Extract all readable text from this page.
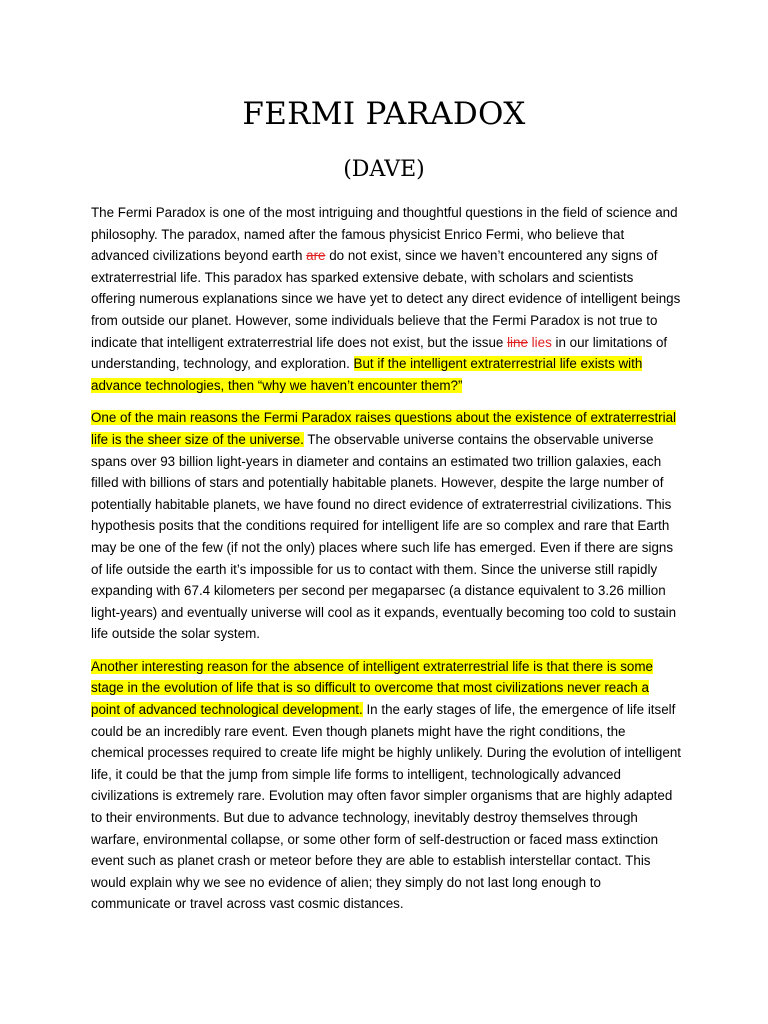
FERMI PARADOX
(DAVE)

The Fermi Paradox is one of the most intriguing and thoughtful questions in the field of science and philosophy. The paradox, named after the famous physicist Enrico Fermi, who believe that advanced civilizations beyond earth are do not exist, since we haven’t encountered any signs of extraterrestrial life. This paradox has sparked extensive debate, with scholars and scientists offering numerous explanations since we have yet to detect any direct evidence of intelligent beings from outside our planet. However, some individuals believe that the Fermi Paradox is not true to indicate that intelligent extraterrestrial life does not exist, but the issue line lies in our limitations of understanding, technology, and exploration. But if the intelligent extraterrestrial life exists with advance technologies, then “why we haven’t encounter them?”

One of the main reasons the Fermi Paradox raises questions about the existence of extraterrestrial life is the sheer size of the universe. The observable universe contains the observable universe spans over 93 billion light-years in diameter and contains an estimated two trillion galaxies, each filled with billions of stars and potentially habitable planets. However, despite the large number of potentially habitable planets, we have found no direct evidence of extraterrestrial civilizations. This hypothesis posits that the conditions required for intelligent life are so complex and rare that Earth may be one of the few (if not the only) places where such life has emerged. Even if there are signs of life outside the earth it’s impossible for us to contact with them. Since the universe still rapidly expanding with 67.4 kilometers per second per megaparsec (a distance equivalent to 3.26 million light-years) and eventually universe will cool as it expands, eventually becoming too cold to sustain life outside the solar system.

Another interesting reason for the absence of intelligent extraterrestrial life is that there is some stage in the evolution of life that is so difficult to overcome that most civilizations never reach a point of advanced technological development. In the early stages of life, the emergence of life itself could be an incredibly rare event. Even though planets might have the right conditions, the chemical processes required to create life might be highly unlikely. During the evolution of intelligent life, it could be that the jump from simple life forms to intelligent, technologically advanced civilizations is extremely rare. Evolution may often favor simpler organisms that are highly adapted to their environments. But due to advance technology, inevitably destroy themselves through warfare, environmental collapse, or some other form of self-destruction or faced mass extinction event such as planet crash or meteor before they are able to establish interstellar contact. This would explain why we see no evidence of alien; they simply do not last long enough to communicate or travel across vast cosmic distances.
